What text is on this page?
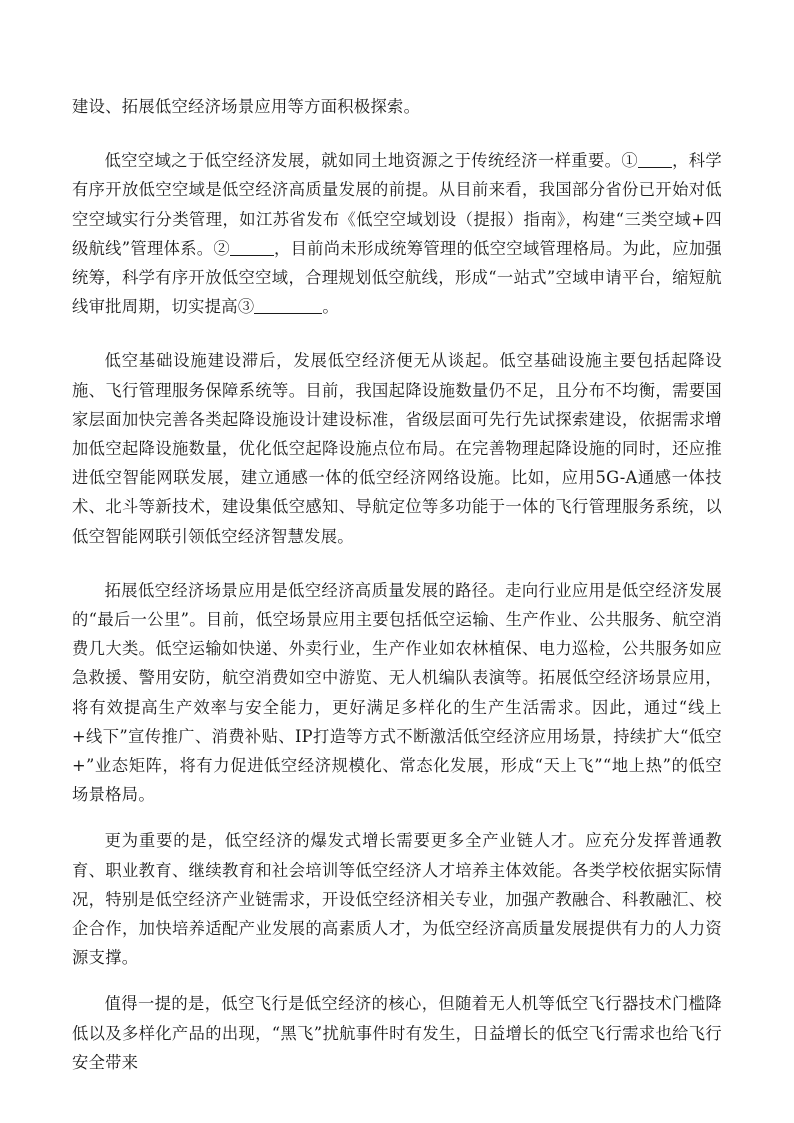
建设、拓展低空经济场景应用等方面积极探索。

低空空域之于低空经济发展，就如同土地资源之于传统经济一样重要。① ，科学有序开放低空空域是低空经济高质量发展的前提。从目前来看，我国部分省份已开始对低空空域实行分类管理，如江苏省发布《低空空域划设（提报）指南》，构建“三类空域+四级航线”管理体系。②	，目前尚未形成统筹管理的低空空域管理格局。为此，应加强统筹，科学有序开放低空空域，合理规划低空航线，形成“一站式”空域申请平台，缩短航线审批周期，切实提高③	。

低空基础设施建设滞后，发展低空经济便无从谈起。低空基础设施主要包括起降设施、飞行管理服务保障系统等。目前，我国起降设施数量仍不足，且分布不均衡，需要国家层面加快完善各类起降设施设计建设标准，省级层面可先行先试探索建设，依据需求增加低空起降设施数量，优化低空起降设施点位布局。在完善物理起降设施的同时，还应推进低空智能网联发展，建立通感一体的低空经济网络设施。比如，应用5G-A通感一体技术、北斗等新技术，建设集低空感知、导航定位等多功能于一体的飞行管理服务系统，以低空智能网联引领低空经济智慧发展。

拓展低空经济场景应用是低空经济高质量发展的路径。走向行业应用是低空经济发展的“最后一公里”。目前，低空场景应用主要包括低空运输、生产作业、公共服务、航空消费几大类。低空运输如快递、外卖行业，生产作业如农林植保、电力巡检，公共服务如应急救援、警用安防，航空消费如空中游览、无人机编队表演等。拓展低空经济场景应用，将有效提高生产效率与安全能力，更好满足多样化的生产生活需求。因此，通过“线上+线下”宣传推广、消费补贴、IP打造等方式不断激活低空经济应用场景，持续扩大“低空+”业态矩阵，将有力促进低空经济规模化、常态化发展，形成“天上飞”“地上热”的低空场景格局。

更为重要的是，低空经济的爆发式增长需要更多全产业链人才。应充分发挥普通教育、职业教育、继续教育和社会培训等低空经济人才培养主体效能。各类学校依据实际情况，特别是低空经济产业链需求，开设低空经济相关专业，加强产教融合、科教融汇、校企合作，加快培养适配产业发展的高素质人才，为低空经济高质量发展提供有力的人力资源支撑。

值得一提的是，低空飞行是低空经济的核心，但随着无人机等低空飞行器技术门槛降低以及多样化产品的出现，“黑飞”扰航事件时有发生，日益增长的低空飞行需求也给飞行安全带来
